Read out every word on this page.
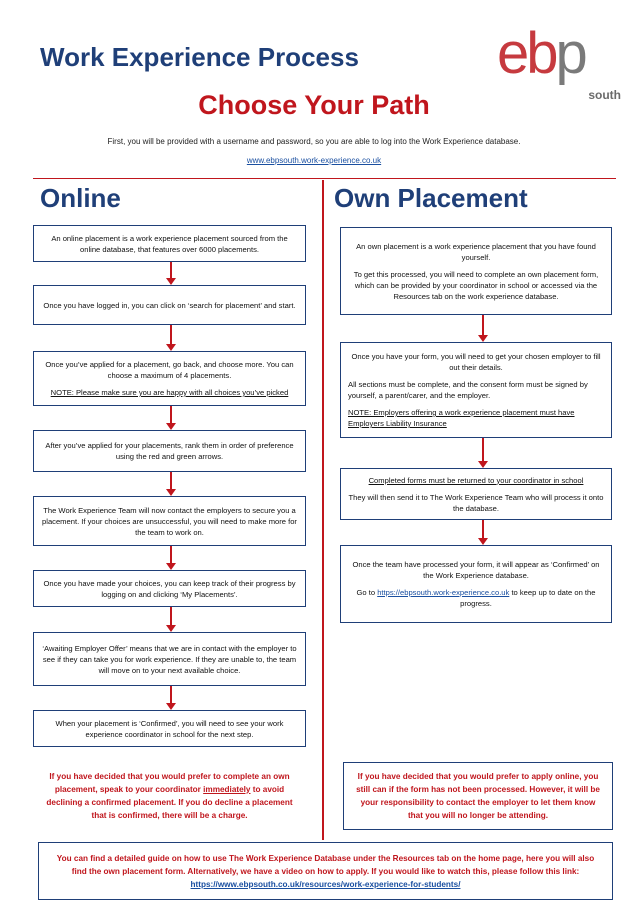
Work Experience Process ebp
south
Choose Your Path
First, you will be provided with a username and password, so you are able to log into the Work Experience database.
www.ebpsouth.work-experience.co.uk
Online	Own Placement

An online placement is a work experience placement sourced from the online database, that features over 6000 placements.

Once you have logged in, you can click on ‘search for placement’ and start.

Once you’ve applied for a placement, go back, and choose more. You can choose a maximum of 4 placements.

NOTE: Please make sure you are happy with all choices you’ve picked

After you’ve applied for your placements, rank them in order of preference using the red and green arrows.

The Work Experience Team will now contact the employers to secure you a placement. If your choices are unsuccessful, you will need to make more for the team to work on.

Once you have made your choices, you can keep track of their progress by logging on and clicking ‘My Placements’.

‘Awaiting Employer Offer’ means that we are in contact with the employer to see if they can take you for work experience. If they are unable to, the team will move on to your next available choice.

When your placement is ‘Confirmed’, you will need to see your work experience coordinator in school for the next step.

If you have decided that you would prefer to complete an own placement, speak to your coordinator immediately to avoid declining a confirmed placement. If you do decline a placement that is confirmed, there will be a charge.

An own placement is a work experience placement that you have found yourself.

To get this processed, you will need to complete an own placement form, which can be provided by your coordinator in school or accessed via the Resources tab on the work experience database.

Once you have your form, you will need to get your chosen employer to fill out their details.

All sections must be complete, and the consent form must be signed by yourself, a parent/carer, and the employer.

NOTE: Employers offering a work experience placement must have Employers Liability Insurance

Completed forms must be returned to your coordinator in school

They will then send it to The Work Experience Team who will process it onto the database.

Once the team have processed your form, it will appear as ‘Confirmed’ on the Work Experience database.

Go to https://ebpsouth.work-experience.co.uk to keep up to date on the progress.

If you have decided that you would prefer to apply online, you still can if the form has not been processed. However, it will be your responsibility to contact the employer to let them know that you will no longer be attending.

You can find a detailed guide on how to use The Work Experience Database under the Resources tab on the home page, here you will also find the own placement form. Alternatively, we have a video on how to apply. If you would like to watch this, please follow this link: https://www.ebpsouth.co.uk/resources/work-experience-for-students/
